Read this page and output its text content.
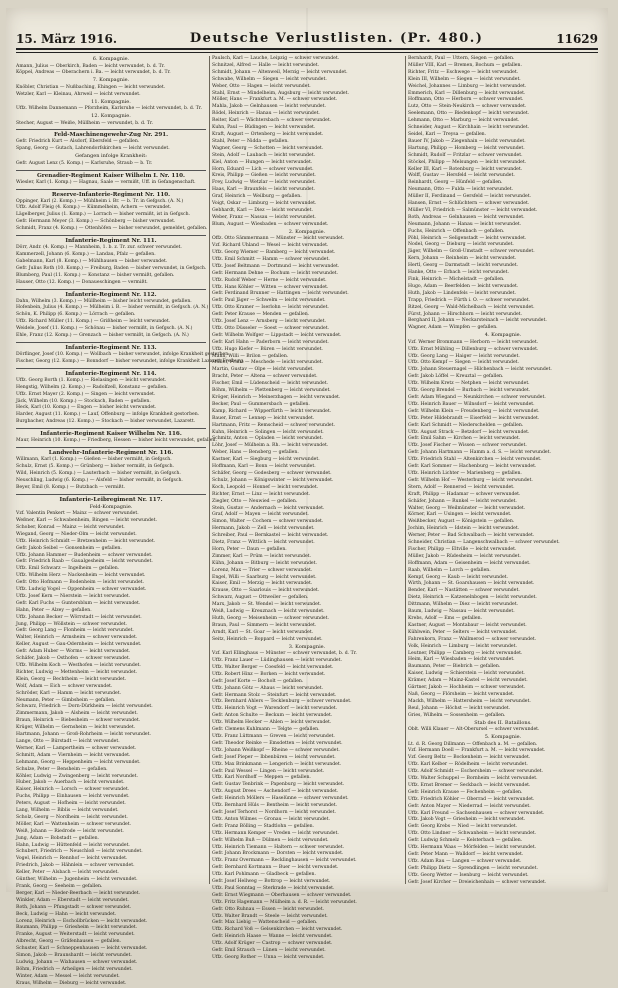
15. März 1916.	Deutsche Verlustlisten. (Pr. 480.)	11629
6. Kompagnie.
Amann, Julius — Oberkirch, Baden — leicht verwundet, b. d. Tr.
Köppel, Andreas — Oberachern i. Ba. — leicht verwundet, b. d. Tr.
7. Kompagnie.
Knöbler, Christian — Nußbaching, Ehingen — leicht verwundet.
Wetzler, Karl — Kleinau, Ahrweil — leicht verwundet.
11. Kompagnie.
Uffz. Wilhelm Dannemann — Pforzheim, Karlsruhe — leicht verwundet, b. d. Tr.
12. Kompagnie.
Stecher, August — Weiße, Müllheim — verwundet, b. d. Tr.
Feld-Maschinengewehr-Zug Nr. 291.
Gefr. Friedrich Kurt — Alsdorf, Ebersfeld — gefallen.
Spang, Georg — Gutach, Lahrendorfskirchen — leicht verwundet.
Gefangen infolge Krankheit:
Gefr. August Lenz (5. Komp.) — Karlsruhe, Straub — b. Tr.
Grenadier-Regiment Kaiser Wilhelm I. Nr. 110.
Wiesler, Karl (1. Komp.) — Hagnau, Saale — vermißt, Uff. in Gefangenschaft.
Reserve-Infanterie-Regiment Nr. 110.
Oppinger, Karl (2. Komp.) — Mühlheim i. Br. — b. Tr. in Gefgsch. (A. N.)
Uffz. Adolf Fleig (4. Komp.) — Kümmelheim, Achern — verwundet.
Lägelberger, Julius (1. Komp.) — Lorrach — bisher vermißt, ist in Gefgsch.
Gefr. Hermann Meyer (3. Komp.) — Schönberg — bisher verwundet.
Schmidt, Franz (4. Komp.) — Ottenhöfen — bisher verwundet, gemeldet, gefallen.
Infanterie-Regiment Nr. 111.
Dörr, Andr. (4. Komp.) — Mannheim, 1. b. z. Tr. zur. schwer verwundet.
Kammerzell, Johann (6. Komp.) — Landau, Pfalz — gefallen.
Gabelmann, Karl (8. Komp.) — Mühlhausen — bisher verwundet.
Gefr. Julius Roth (10. Komp.) — Freiburg, Baden — bisher verwundet, in Gefgsch.
Blumberg, Paul (11. Komp.) — Konstanz — bisher vermißt, gefallen.
Hauser, Otto (12. Komp.) — Donaueschingen — vermißt.
Infanterie-Regiment Nr. 112.
Dahn, Wilhelm (3. Komp.) — Müllheim — bisher leicht verwundet, gefallen.
Hofenbein, Julius (4. Komp.) — Mülheim i. B. — bisher vermißt, in Gefgsch. (A. N.)
Schön, K. Philipp (6. Komp.) — Lörrach — gefallen.
Uffz. Richard Müller (11. Komp.) — Grißheim — leicht verwundet.
Weidele, Josef (11. Komp.) — Schönau — bisher vermißt, in Gefgsch. (A. N.)
Ehle, Franz (12. Komp.) — Grenzach — bisher vermißt, in Gefgsch. (A. N.)
Infanterie-Regiment Nr. 113.
Dörflinger, Josef (10. Komp.) — Wollbach — bisher verwundet, infolge Krankheit gestorben.
Fischer, Georg (12. Komp.) — Bonndorf — bisher verwundet, infolge Krankheit Lazarett Freiburg.
Infanterie-Regiment Nr. 114.
Uffz. Georg Borth (1. Komp.) — Rielasingen — leicht verwundet.
Hengstig, Wilhelm (2. Komp.) — Radolfzell, Konstanz — gefallen.
Uffz. Ernst Mayer (2. Komp.) — Singen — leicht verwundet.
Jäck, Wilhelm (10. Komp.) — Stockach, Baden — gefallen.
Heck, Karl (10. Komp.) — Engen — bisher leicht verwundet.
Harder, August (11. Komp.) — Lauf, Offenburg — infolge Krankheit gestorben.
Burgbacher, Andreas (12. Komp.) — Stockach — bisher verwundet, Lazarett.
Infanterie-Regiment Kaiser Wilhelm Nr. 116.
Maur, Heinrich (10. Komp.) — Friedberg, Hessen — bisher leicht verwundet, gefallen.
Landwehr-Infanterie-Regiment Nr. 116.
Willmann, Karl (1. Komp.) — Gießen — bisher vermißt, in Gefgsch.
Schulz, Ernst (5. Komp.) — Grünberg — bisher vermißt, in Gefgsch.
Wild, Heinrich (5. Komp.) — Lauterbach — bisher vermißt, in Gefgsch.
Neuschling, Ludwig (6. Komp.) — Alsfeld — bisher vermißt, in Gefgsch.
Beyer, Emil (8. Komp.) — Butzbach — vermißt.
Infanterie-Leibregiment Nr. 117.
Feld-Kompagnie.
Vzf. Valentin Penkert — Mainz — schwer verwundet.
Weßner, Karl — Schwabenheim, Bingen — leicht verwundet.
Schober, Konrad — Mainz — leicht verwundet.
Wiegand, Georg — Nieder-Olm — leicht verwundet.
Uffz. Heinrich Schmidt — Bretzenheim — leicht verwundet.
Gefr. Jakob Seibel — Gonsenheim — gefallen.
Uffz. Johann Hammer — Budenheim — schwer verwundet.
Gefr. Friedrich Raab — Gaualgesheim — leicht verwundet.
Uffz. Emil Schwarz — Ingelheim — gefallen.
Uffz. Wilhelm Herz — Nackenheim — leicht verwundet.
Gefr. Otto Hofmann — Bodenheim — leicht verwundet.
Uffz. Ludwig Vogel — Oppenheim — schwer verwundet.
Uffz. Josef Kern — Nierstein — leicht verwundet.
Gefr. Karl Fuchs — Guntersblum — leicht verwundet.
Hahn, Peter — Alzey — gefallen.
Uffz. Johann Becker — Wörrstadt — leicht verwundet.
Jung, Philipp — Wöllstein — schwer verwundet.
Gefr. Georg Lang — Flonheim — leicht verwundet.
Walter, Heinrich — Armsheim — schwer verwundet.
Keller, August — Gau-Odernheim — leicht verwundet.
Gefr. Adam Huber — Worms — leicht verwundet.
Schäfer, Jakob — Osthofen — schwer verwundet.
Uffz. Wilhelm Koch — Westhofen — leicht verwundet.
Richter, Ludwig — Mettenheim — leicht verwundet.
Klein, Georg — Bechtheim — leicht verwundet.
Wolf, Adam — Eich — schwer verwundet.
Schröder, Karl — Hamm — leicht verwundet.
Neumann, Peter — Gimbsheim — gefallen.
Schwarz, Friedrich — Dorn-Dürkheim — leicht verwundet.
Zimmermann, Jakob — Alsheim — leicht verwundet.
Braun, Heinrich — Biebesheim — schwer verwundet.
Krüger, Wilhelm — Gernsheim — leicht verwundet.
Hartmann, Johann — Groß-Rohrheim — leicht verwundet.
Lange, Otto — Bürstadt — leicht verwundet.
Werner, Karl — Lampertheim — schwer verwundet.
Schmitt, Adam — Viernheim — leicht verwundet.
Lehmann, Georg — Heppenheim — leicht verwundet.
Schulze, Peter — Bensheim — gefallen.
Köhler, Ludwig — Zwingenberg — leicht verwundet.
Huber, Jakob — Auerbach — leicht verwundet.
Kaiser, Heinrich — Lorsch — schwer verwundet.
Fuchs, Philipp — Einhausen — leicht verwundet.
Peters, August — Hofheim — leicht verwundet.
Lang, Wilhelm — Biblis — leicht verwundet.
Scholz, Georg — Nordheim — leicht verwundet.
Möller, Karl — Wattenheim — schwer verwundet.
Weiß, Johann — Riedrode — leicht verwundet.
Jung, Adam — Bobstadt — gefallen.
Hahn, Ludwig — Hüttenfeld — leicht verwundet.
Schubert, Friedrich — Neuschloß — leicht verwundet.
Vogel, Heinrich — Rennhof — leicht verwundet.
Friedrich, Jakob — Hähnlein — schwer verwundet.
Keller, Peter — Alsbach — leicht verwundet.
Günther, Wilhelm — Jugenheim — leicht verwundet.
Frank, Georg — Seeheim — gefallen.
Berger, Karl — Nieder-Beerbach — leicht verwundet.
Winkler, Adam — Eberstadt — leicht verwundet.
Roth, Johann — Pfungstadt — schwer verwundet.
Beck, Ludwig — Hahn — leicht verwundet.
Lorenz, Heinrich — Eschollbrücken — leicht verwundet.
Baumann, Philipp — Griesheim — leicht verwundet.
Franke, August — Weiterstadt — leicht verwundet.
Albrecht, Georg — Gräfenhausen — gefallen.
Schuster, Karl — Schneppenhausen — leicht verwundet.
Simon, Jakob — Braunshardt — leicht verwundet.
Ludwig, Johann — Wixhausen — schwer verwundet.
Böhm, Friedrich — Arheilgen — leicht verwundet.
Winter, Adam — Messel — leicht verwundet.
Kraus, Wilhelm — Dieburg — leicht verwundet.
Paulsch, Karl — Lauche, Leipzig — schwer verwundet.
Schnitzel, Alfred — Halle — leicht verwundet.
Schmidt, Johann — Altenweil, Merzig — leicht verwundet.
Schwabe, Wilhelm — Siegen — leicht verwundet.
Weber, Otto — Hagen — leicht verwundet.
Stahl, Ernst — Mindelheim, Augsburg — leicht verwundet.
Möller, Hans — Frankfurt a. M. — schwer verwundet.
Mahla, Jakob — Gelnhausen — leicht verwundet.
Rödel, Heinrich — Hanau — leicht verwundet.
Reiter, Karl — Wächtersbach — schwer verwundet.
Kuhn, Paul — Büdingen — leicht verwundet.
Kraft, August — Ortenberg — leicht verwundet.
Stahl, Peter — Nidda — gefallen.
Wagner, Georg — Schotten — leicht verwundet.
Stein, Adolf — Laubach — leicht verwundet.
Kiel, Anton — Hungen — leicht verwundet.
Horn, Eduard — Lich — schwer verwundet.
Kreis, Philipp — Gießen — leicht verwundet.
Frey, Ludwig — Wetzlar — leicht verwundet.
Haas, Karl — Braunfels — leicht verwundet.
Graf, Heinrich — Weilburg — gefallen.
Voigt, Oskar — Limburg — leicht verwundet.
Gebhardt, Karl — Diez — leicht verwundet.
Weber, Franz — Nassau — leicht verwundet.
Blum, August — Wiesbaden — schwer verwundet.
2. Kompagnie.
Offz. Otto Sämmermann — Münster — leicht verwundet.
Vzf. Richard Uhland — Wesel — leicht verwundet.
Uffz. Georg Wiemer — Bamberg — leicht verwundet.
Uffz. Emil Schmitt — Hamm — schwer verwundet.
Uffz. Josef Beltmann — Dortmund — leicht verwundet.
Gefr. Hermann Dehne — Bochum — leicht verwundet.
Uffz. Rudolf Weber — Herne — leicht verwundet.
Uffz. Hans Köhler — Witten — schwer verwundet.
Gefr. Ferdinand Brunner — Hattingen — leicht verwundet.
Gefr. Paul Jäger — Schwelm — leicht verwundet.
Uffz. Otto Kramer — Iserlohn — leicht verwundet.
Gefr. Peter Krause — Menden — gefallen.
Uffz. Josef Lenz — Arnsberg — leicht verwundet.
Uffz. Otto Düsseler — Soest — schwer verwundet.
Gefr. Wilhelm Wolfger — Lippstadt — leicht verwundet.
Gefr. Karl Hahn — Paderborn — leicht verwundet.
Uffz. Hugo Kiefer — Büren — leicht verwundet.
Mann, Willi — Brilon — gefallen.
Müller, Franz — Meschede — leicht verwundet.
Martin, Gustav — Olpe — leicht verwundet.
Bracht, Peter — Altena — schwer verwundet.
Fischer, Emil — Lüdenscheid — leicht verwundet.
Böhm, Wilhelm — Plettenberg — leicht verwundet.
Kröger, Heinrich — Meinerzhagen — leicht verwundet.
Becker, Paul — Gummersbach — gefallen.
Kamp, Richard — Wipperfürth — leicht verwundet.
Bauer, Ernst — Lennep — leicht verwundet.
Hartmann, Fritz — Remscheid — schwer verwundet.
Kuhn, Heinrich — Solingen — leicht verwundet.
Schmitz, Anton — Opladen — leicht verwundet.
Löhr, Josef — Mülheim a. Rh. — leicht verwundet.
Weber, Hans — Bensberg — gefallen.
Kastner, Karl — Siegburg — leicht verwundet.
Hoffmann, Karl — Bonn — leicht verwundet.
Schäfer, Georg — Godesberg — schwer verwundet.
Schulz, Johann — Königswinter — leicht verwundet.
Koch, Leopold — Honnef — leicht verwundet.
Richter, Ernst — Linz — leicht verwundet.
Ziegler, Otto — Neuwied — gefallen.
Stein, Gustav — Andernach — leicht verwundet.
Graf, Adolf — Mayen — leicht verwundet.
Simon, Walter — Cochem — schwer verwundet.
Hermann, Jakob — Zell — leicht verwundet.
Schreiber, Paul — Bernkastel — leicht verwundet.
Dietz, Franz — Wittlich — leicht verwundet.
Horn, Peter — Daun — gefallen.
Zimmer, Karl — Prüm — leicht verwundet.
Kühn, Johann — Bitburg — leicht verwundet.
Lorenz, Max — Trier — schwer verwundet.
Engel, Willi — Saarburg — leicht verwundet.
Kaiser, Emil — Merzig — leicht verwundet.
Krause, Otto — Saarlouis — leicht verwundet.
Schwarz, August — Ottweiler — gefallen.
Marx, Jakob — St. Wendel — leicht verwundet.
Weiß, Ludwig — Kreuznach — leicht verwundet.
Huth, Georg — Meisenheim — schwer verwundet.
Braun, Paul — Simmern — leicht verwundet.
Arndt, Karl — St. Goar — leicht verwundet.
Seitz, Heinrich — Boppard — leicht verwundet.
3. Kompagnie.
Vzf. Karl Ellinghaus — Münster — schwer verwundet, b. d. Tr.
Uffz. Franz Lauer — Lüdinghausen — leicht verwundet.
Uffz. Walter Berger — Coesfeld — leicht verwundet.
Uffz. Robert Hinz — Borken — leicht verwundet.
Gefr. Josef Korte — Bocholt — gefallen.
Uffz. Johann Götz — Ahaus — leicht verwundet.
Gefr. Hermann Stolz — Steinfurt — leicht verwundet.
Uffz. Bernhard Ahlers — Tecklenburg — schwer verwundet.
Uffz. Heinrich Vogt — Warendorf — leicht verwundet.
Gefr. Anton Schulte — Beckum — leicht verwundet.
Uffz. Wilhelm Hecker — Ahlen — leicht verwundet.
Gefr. Clemens Kuhlmann — Telgte — gefallen.
Uffz. Franz Lüttmann — Greven — leicht verwundet.
Gefr. Theodor Reinke — Emsdetten — leicht verwundet.
Uffz. Johann Weißkopf — Rheine — schwer verwundet.
Gefr. Josef Pieper — Ibbenbüren — leicht verwundet.
Uffz. Max Brinkmann — Lengerich — leicht verwundet.
Gefr. Paul Wessel — Lingen — leicht verwundet.
Uffz. Karl Nordhoff — Meppen — gefallen.
Gefr. Gustav Tenbrink — Papenburg — leicht verwundet.
Uffz. August Drees — Aschendorf — leicht verwundet.
Gefr. Heinrich Möllers — Haselünne — schwer verwundet.
Uffz. Bernhard Hüls — Bentheim — leicht verwundet.
Gefr. Josef Terhorst — Nordhorn — leicht verwundet.
Uffz. Anton Wilmes — Gronau — leicht verwundet.
Gefr. Franz Bölling — Stadtlohn — gefallen.
Uffz. Hermann Kemper — Vreden — leicht verwundet.
Gefr. Wilhelm Buß — Dülmen — leicht verwundet.
Uffz. Heinrich Tiemann — Haltern — schwer verwundet.
Gefr. Johann Brockmann — Dorsten — leicht verwundet.
Uffz. Franz Overmann — Recklinghausen — leicht verwundet.
Gefr. Bernhard Kortmann — Buer — leicht verwundet.
Uffz. Karl Pohlmann — Gladbeck — gefallen.
Gefr. Josef Hellweg — Bottrop — leicht verwundet.
Uffz. Paul Sonntag — Sterkrade — leicht verwundet.
Gefr. Ernst Wiegmann — Oberhausen — schwer verwundet.
Uffz. Fritz Hagemann — Mülheim a. d. R. — leicht verwundet.
Gefr. Otto Ruhnau — Essen — leicht verwundet.
Uffz. Walter Brandt — Steele — leicht verwundet.
Gefr. Max Liebig — Wattenscheid — gefallen.
Uffz. Richard Voß — Gelsenkirchen — leicht verwundet.
Gefr. Heinrich Haase — Wanne — leicht verwundet.
Uffz. Adolf Krüger — Castrop — schwer verwundet.
Gefr. Emil Strauch — Lünen — leicht verwundet.
Uffz. Georg Rother — Unna — leicht verwundet.
Bernhardt, Paul — Uttern, Siegen — gefallen.
Müller VIII, Karl — Bremen, Bochum — gefallen.
Richter, Fritz — Eschwege — leicht verwundet.
Klein III, Wilhelm — Siegen — leicht verwundet.
Weichel, Johannes — Limburg — leicht verwundet.
Emmerich, Karl — Dillenburg — leicht verwundet.
Hoffmann, Otto — Herborn — schwer verwundet.
Lutz, Otto — Stein-Neukirch — schwer verwundet.
Seelemann, Otto — Biedenkopf — leicht verwundet.
Lehmann, Otto — Marburg — leicht verwundet.
Schneider, August — Kirchhain — leicht verwundet.
Seidel, Karl — Treysa — gefallen.
Bauer IV, Jakob — Ziegenhain — leicht verwundet.
Hartung, Philipp — Homberg — leicht verwundet.
Schmidt, Rudolf — Fritzlar — schwer verwundet.
Stöckel, Philipp — Melsungen — leicht verwundet.
Keller III, Karl — Rotenburg — leicht verwundet.
Wolff, Gustav — Hersfeld — leicht verwundet.
Reinhardt, Georg — Hünfeld — gefallen.
Neumann, Otto — Fulda — leicht verwundet.
Müller II, Ferdinand — Gersfeld — leicht verwundet.
Hansen, Ernst — Schlüchtern — schwer verwundet.
Müller VI, Friedrich — Salmünster — leicht verwundet.
Roth, Andreas — Gelnhausen — leicht verwundet.
Neumann, Johann — Hanau — leicht verwundet.
Fuchs, Heinrich — Offenbach — gefallen.
Pöhl, Heinrich — Seligenstadt — leicht verwundet.
Nodel, Georg — Dieburg — leicht verwundet.
Jäger, Wilhelm — Groß-Umstadt — schwer verwundet.
Kern, Johann — Reinheim — leicht verwundet.
Hertl, Georg — Darmstadt — leicht verwundet.
Hanke, Otto — Erbach — leicht verwundet.
Fink, Heinrich — Michelstadt — gefallen.
Hugo, Adam — Beerfelden — leicht verwundet.
Huth, Jakob — Lindenfels — leicht verwundet.
Trapp, Friedrich — Fürth i. O. — schwer verwundet.
Ritzel, Georg — Wald-Michelbach — leicht verwundet.
Fürst, Johann — Hirschhorn — leicht verwundet.
Berghard II, Johann — Neckarsteinach — leicht verwundet.
Wagner, Adam — Wimpfen — gefallen.
4. Kompagnie.
Vzf. Werner Brommann — Herborn — leicht verwundet.
Uffz. Ernst Mühling — Dillenburg — schwer verwundet.
Uffz. Georg Lang — Haiger — leicht verwundet.
Uffz. Otto Kempf — Siegen — leicht verwundet.
Uffz. Johann Steuernagel — Hilchenbach — leicht verwundet.
Gefr. Jakob Löffel — Kreuztal — gefallen.
Uffz. Wilhelm Kretz — Netphen — leicht verwundet.
Uffz. Georg Brendel — Burbach — leicht verwundet.
Gefr. Adam Wiegand — Neunkirchen — schwer verwundet.
Uffz. Heinrich Bauer — Wilnsdorf — leicht verwundet.
Gefr. Wilhelm Klein — Freudenberg — leicht verwundet.
Uffz. Peter Hildebrandt — Eiserfeld — leicht verwundet.
Gefr. Karl Schmidt — Niederschelden — gefallen.
Uffz. August Strack — Betzdorf — leicht verwundet.
Gefr. Emil Sahm — Kirchen — leicht verwundet.
Uffz. Josef Fischer — Wissen — schwer verwundet.
Gefr. Johann Hartmann — Hamm a. d. S. — leicht verwundet.
Uffz. Friedrich Stahl — Altenkirchen — leicht verwundet.
Gefr. Karl Sommer — Hachenburg — leicht verwundet.
Uffz. Heinrich Lichter — Marienberg — gefallen.
Gefr. Wilhelm Hof — Westerburg — leicht verwundet.
Stern, Adolf — Rennerod — leicht verwundet.
Kraft, Philipp — Hadamar — schwer verwundet.
Schäfer, Johann — Runkel — leicht verwundet.
Walter, Georg — Weilmünster — leicht verwundet.
Körner, Karl — Usingen — leicht verwundet.
Weißbecker, August — Königstein — gefallen.
Jochim, Heinrich — Idstein — leicht verwundet.
Werner, Peter — Bad Schwalbach — leicht verwundet.
Schneider, Christian — Langenschwalbach — schwer verwundet.
Fischer, Philipp — Eltville — leicht verwundet.
Müller, Jakob — Rüdesheim — leicht verwundet.
Hoffmann, Adam — Geisenheim — leicht verwundet.
Raab, Wilhelm — Lorch — gefallen.
Kempf, Georg — Kaub — leicht verwundet.
Wirth, Johann — St. Goarshausen — leicht verwundet.
Bender, Karl — Nastätten — schwer verwundet.
Dietz, Heinrich — Katzenelnbogen — leicht verwundet.
Dittmann, Wilhelm — Diez — leicht verwundet.
Baum, Ludwig — Nassau — leicht verwundet.
Krebs, Adolf — Ems — gefallen.
Kastner, August — Montabaur — leicht verwundet.
Kühlwein, Peter — Selters — leicht verwundet.
Fahrenkorn, Franz — Wallmerod — schwer verwundet.
Volk, Heinrich — Limburg — leicht verwundet.
Leutner, Philipp — Camberg — leicht verwundet.
Heim, Karl — Wiesbaden — leicht verwundet.
Baumann, Peter — Biebrich — gefallen.
Kaiser, Ludwig — Schierstein — leicht verwundet.
Krämer, Adam — Mainz-Kastel — leicht verwundet.
Gärtner, Jakob — Hochheim — schwer verwundet.
Naß, Georg — Flörsheim — leicht verwundet.
Mackh, Wilhelm — Hattersheim — leicht verwundet.
Reul, Johann — Höchst — leicht verwundet.
Gries, Wilhelm — Sossenheim — gefallen.
Stab des II. Bataillons.
Oblt. Willi Klauer — Alt-Oberursel — schwer verwundet.
5. Kompagnie.
Lt. d. R. Georg Dillmann — Offenbach a. M. — gefallen.
Vzf. Hermann Doell — Frankfurt a. M. — leicht verwundet.
Vzf. Georg Beltz — Bockenheim — leicht verwundet.
Uffz. Karl Kelber — Rödelheim — leicht verwundet.
Uffz. Adolf Schmidt — Eschersheim — schwer verwundet.
Uffz. Walter Schuppel — Bornheim — leicht verwundet.
Uffz. Ernst Bremer — Seckbach — leicht verwundet.
Gefr. Heinrich Krause — Fechenheim — gefallen.
Uffz. Friedrich Köhler — Oberrad — leicht verwundet.
Gefr. Anton Mayer — Niederrad — leicht verwundet.
Uffz. Karl Freund — Sachsenhausen — schwer verwundet.
Uffz. Jakob Vogt — Griesheim — leicht verwundet.
Gefr. Georg Krebs — Nied — leicht verwundet.
Uffz. Otto Lindner — Schwanheim — leicht verwundet.
Gefr. Ludwig Schmelz — Kelsterbach — gefallen.
Uffz. Hermann Waas — Mörfelden — leicht verwundet.
Gefr. Peter Mann — Walldorf — leicht verwundet.
Uffz. Adam Rau — Langen — schwer verwundet.
Gefr. Philipp Dietz — Sprendlingen — leicht verwundet.
Uffz. Georg Wetter — Isenburg — leicht verwundet.
Gefr. Josef Kircher — Dreieichenhain — schwer verwundet.
